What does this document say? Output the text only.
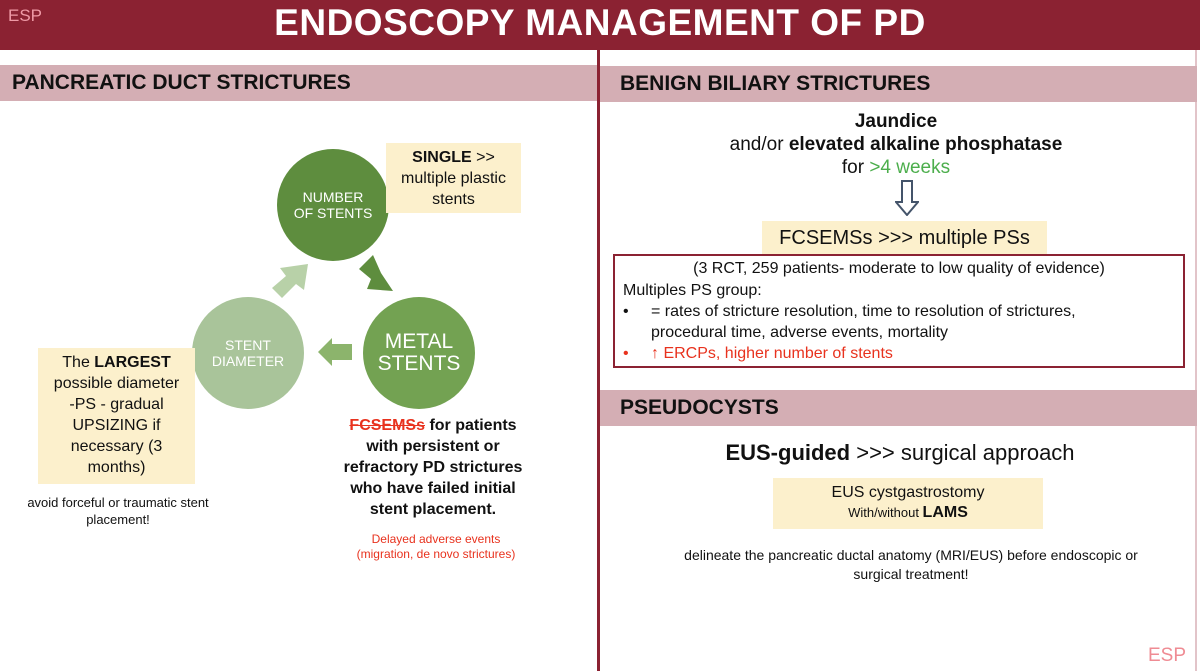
ESP	ENDOSCOPY MANAGEMENT OF PD
PANCREATIC DUCT STRICTURES
NUMBER
OF STENTS
METAL
STENTS
STENT
DIAMETER
SINGLE >>
multiple plastic
stents
The LARGEST
possible diameter
-PS - gradual
UPSIZING if
necessary (3
months)
avoid forceful or traumatic stent
placement!
FCSEMSs for patients
with persistent or
refractory PD strictures
who have failed initial
stent placement.
Delayed adverse events
(migration, de novo strictures)
BENIGN BILIARY STRICTURES
Jaundice
and/or elevated alkaline phosphatase
for >4 weeks
FCSEMSs >>> multiple PSs
(3 RCT, 259 patients- moderate to low quality of evidence)
Multiples PS group:
• = rates of stricture resolution, time to resolution of strictures,
procedural time, adverse events, mortality
• ↑ ERCPs, higher number of stents
PSEUDOCYSTS
EUS-guided >>> surgical approach
EUS cystgastrostomy
With/without LAMS
delineate the pancreatic ductal anatomy (MRI/EUS) before endoscopic or
surgical treatment!
ESP
